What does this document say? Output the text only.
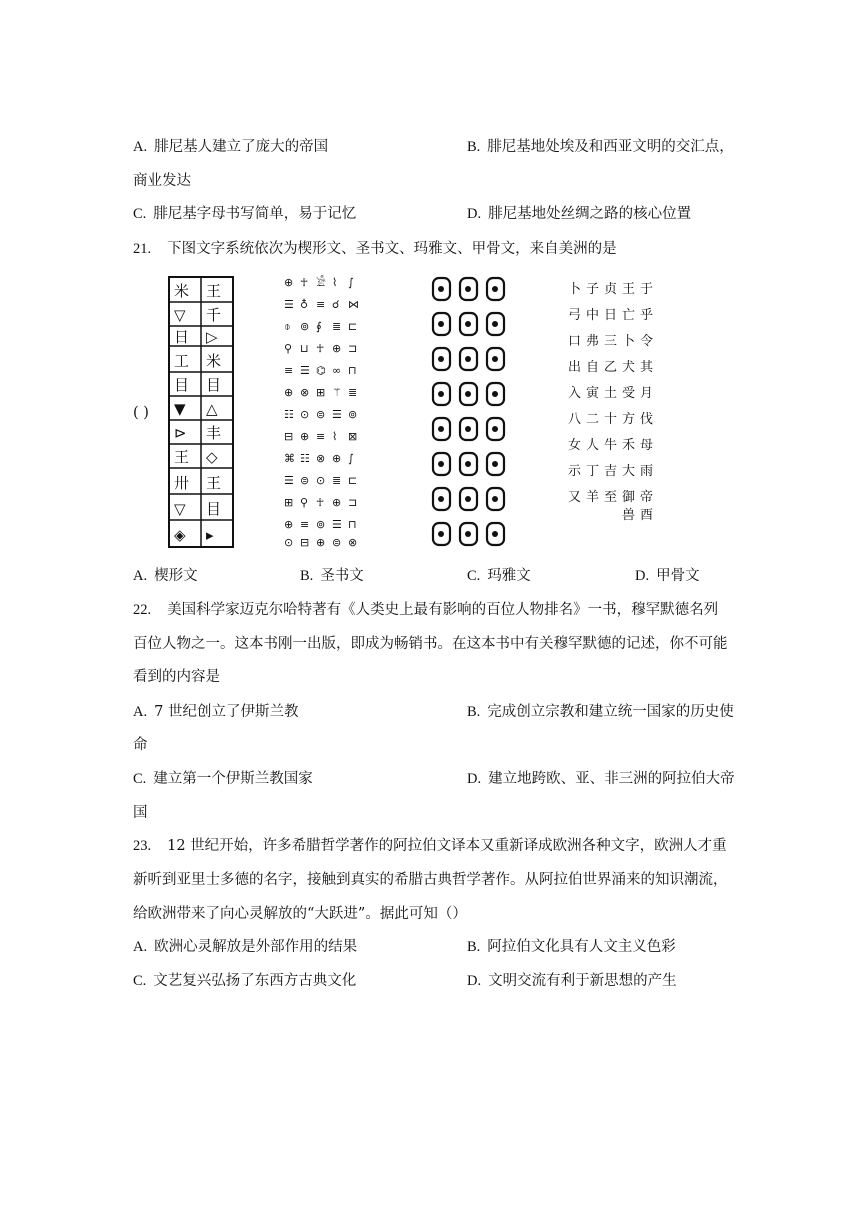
A. 腓尼基人建立了庞大的帝国	B. 腓尼基地处埃及和西亚文明的交汇点，
商业发达
C. 腓尼基字母书写简单，易于记忆	D. 腓尼基地处丝绸之路的核心位置
21. 下图文字系统依次为楔形文、圣书文、玛雅文、甲骨文，来自美洲的是
( )
米 王
▽ 千
日 ▷
工 米
目 目
▼ △
⊳ 丰
王 ◇
卅 王
▽ 目
◈ ▸
⊕ ☥ 𓀀 ⌇ ∫
☰ ♁ ≡ ☌ ⋈
⌽ ⊚ ∮ ≣ ⊏
⚲ ⊔ ☥ ⊕ ⊐
≡ ☰ ⌬ ∞ ⊓
⊕ ⊗ ⊞ ⚚ ≣
☷ ⊙ ⊜ ☰ ⊚
⊟ ⊕ ≡ ⌇ ⊠
⌘ ☷ ⊗ ⊕ ∫
☰ ⊜ ⊙ ≣ ⊏
⊞ ⚲ ☥ ⊕ ⊐
⊕ ≡ ⊚ ☰ ⊓
⊙ ⊟ ⊕ ⊜ ⊗
卜 子 贞 王 于
弓 中 日 亡 乎
口 弗 三 卜 令
出 自 乙 犬 其
入 寅 土 受 月
八 二 十 方 伐
女 人 牛 禾 母
示 丁 吉 大 雨
又 羊 至 御 帝
兽 酉
A. 楔形文	B. 圣书文	C. 玛雅文	D. 甲骨文
22. 美国科学家迈克尔哈特著有《人类史上最有影响的百位人物排名》一书，穆罕默德名列
百位人物之一。这本书刚一出版，即成为畅销书。在这本书中有关穆罕默德的记述，你不可能
看到的内容是
A. 7 世纪创立了伊斯兰教	B. 完成创立宗教和建立统一国家的历史使
命
C. 建立第一个伊斯兰教国家	D. 建立地跨欧、亚、非三洲的阿拉伯大帝
国
23. 12 世纪开始，许多希腊哲学著作的阿拉伯文译本又重新译成欧洲各种文字，欧洲人才重
新听到亚里士多德的名字，接触到真实的希腊古典哲学著作。从阿拉伯世界涌来的知识潮流，
给欧洲带来了向心灵解放的“大跃进”。据此可知（）
A. 欧洲心灵解放是外部作用的结果	B. 阿拉伯文化具有人文主义色彩
C. 文艺复兴弘扬了东西方古典文化	D. 文明交流有利于新思想的产生
